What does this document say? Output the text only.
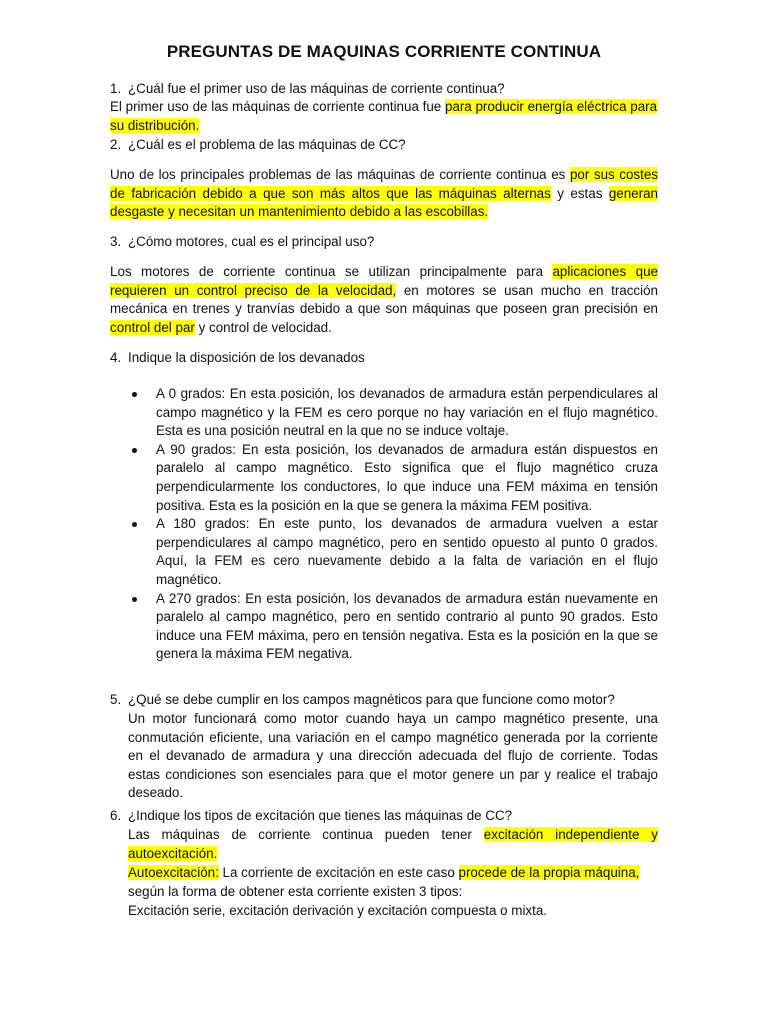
PREGUNTAS DE MAQUINAS CORRIENTE CONTINUA
1. ¿Cuál fue el primer uso de las máquinas de corriente continua?
El primer uso de las máquinas de corriente continua fue para producir energía eléctrica para su distribución.
2. ¿Cuál es el problema de las máquinas de CC?
Uno de los principales problemas de las máquinas de corriente continua es por sus costes de fabricación debido a que son más altos que las máquinas alternas y estas generan desgaste y necesitan un mantenimiento debido a las escobillas.
3. ¿Cómo motores, cual es el principal uso?
Los motores de corriente continua se utilizan principalmente para aplicaciones que requieren un control preciso de la velocidad, en motores se usan mucho en tracción mecánica en trenes y tranvías debido a que son máquinas que poseen gran precisión en control del par y control de velocidad.
4. Indique la disposición de los devanados
A 0 grados: En esta posición, los devanados de armadura están perpendiculares al campo magnético y la FEM es cero porque no hay variación en el flujo magnético. Esta es una posición neutral en la que no se induce voltaje.
A 90 grados: En esta posición, los devanados de armadura están dispuestos en paralelo al campo magnético. Esto significa que el flujo magnético cruza perpendicularmente los conductores, lo que induce una FEM máxima en tensión positiva. Esta es la posición en la que se genera la máxima FEM positiva.
A 180 grados: En este punto, los devanados de armadura vuelven a estar perpendiculares al campo magnético, pero en sentido opuesto al punto 0 grados. Aquí, la FEM es cero nuevamente debido a la falta de variación en el flujo magnético.
A 270 grados: En esta posición, los devanados de armadura están nuevamente en paralelo al campo magnético, pero en sentido contrario al punto 90 grados. Esto induce una FEM máxima, pero en tensión negativa. Esta es la posición en la que se genera la máxima FEM negativa.
5. ¿Qué se debe cumplir en los campos magnéticos para que funcione como motor?
Un motor funcionará como motor cuando haya un campo magnético presente, una conmutación eficiente, una variación en el campo magnético generada por la corriente en el devanado de armadura y una dirección adecuada del flujo de corriente. Todas estas condiciones son esenciales para que el motor genere un par y realice el trabajo deseado.
6. ¿Indique los tipos de excitación que tienes las máquinas de CC?
Las máquinas de corriente continua pueden tener excitación independiente y autoexcitación.
Autoexcitación: La corriente de excitación en este caso procede de la propia máquina, según la forma de obtener esta corriente existen 3 tipos:
Excitación serie, excitación derivación y excitación compuesta o mixta.
